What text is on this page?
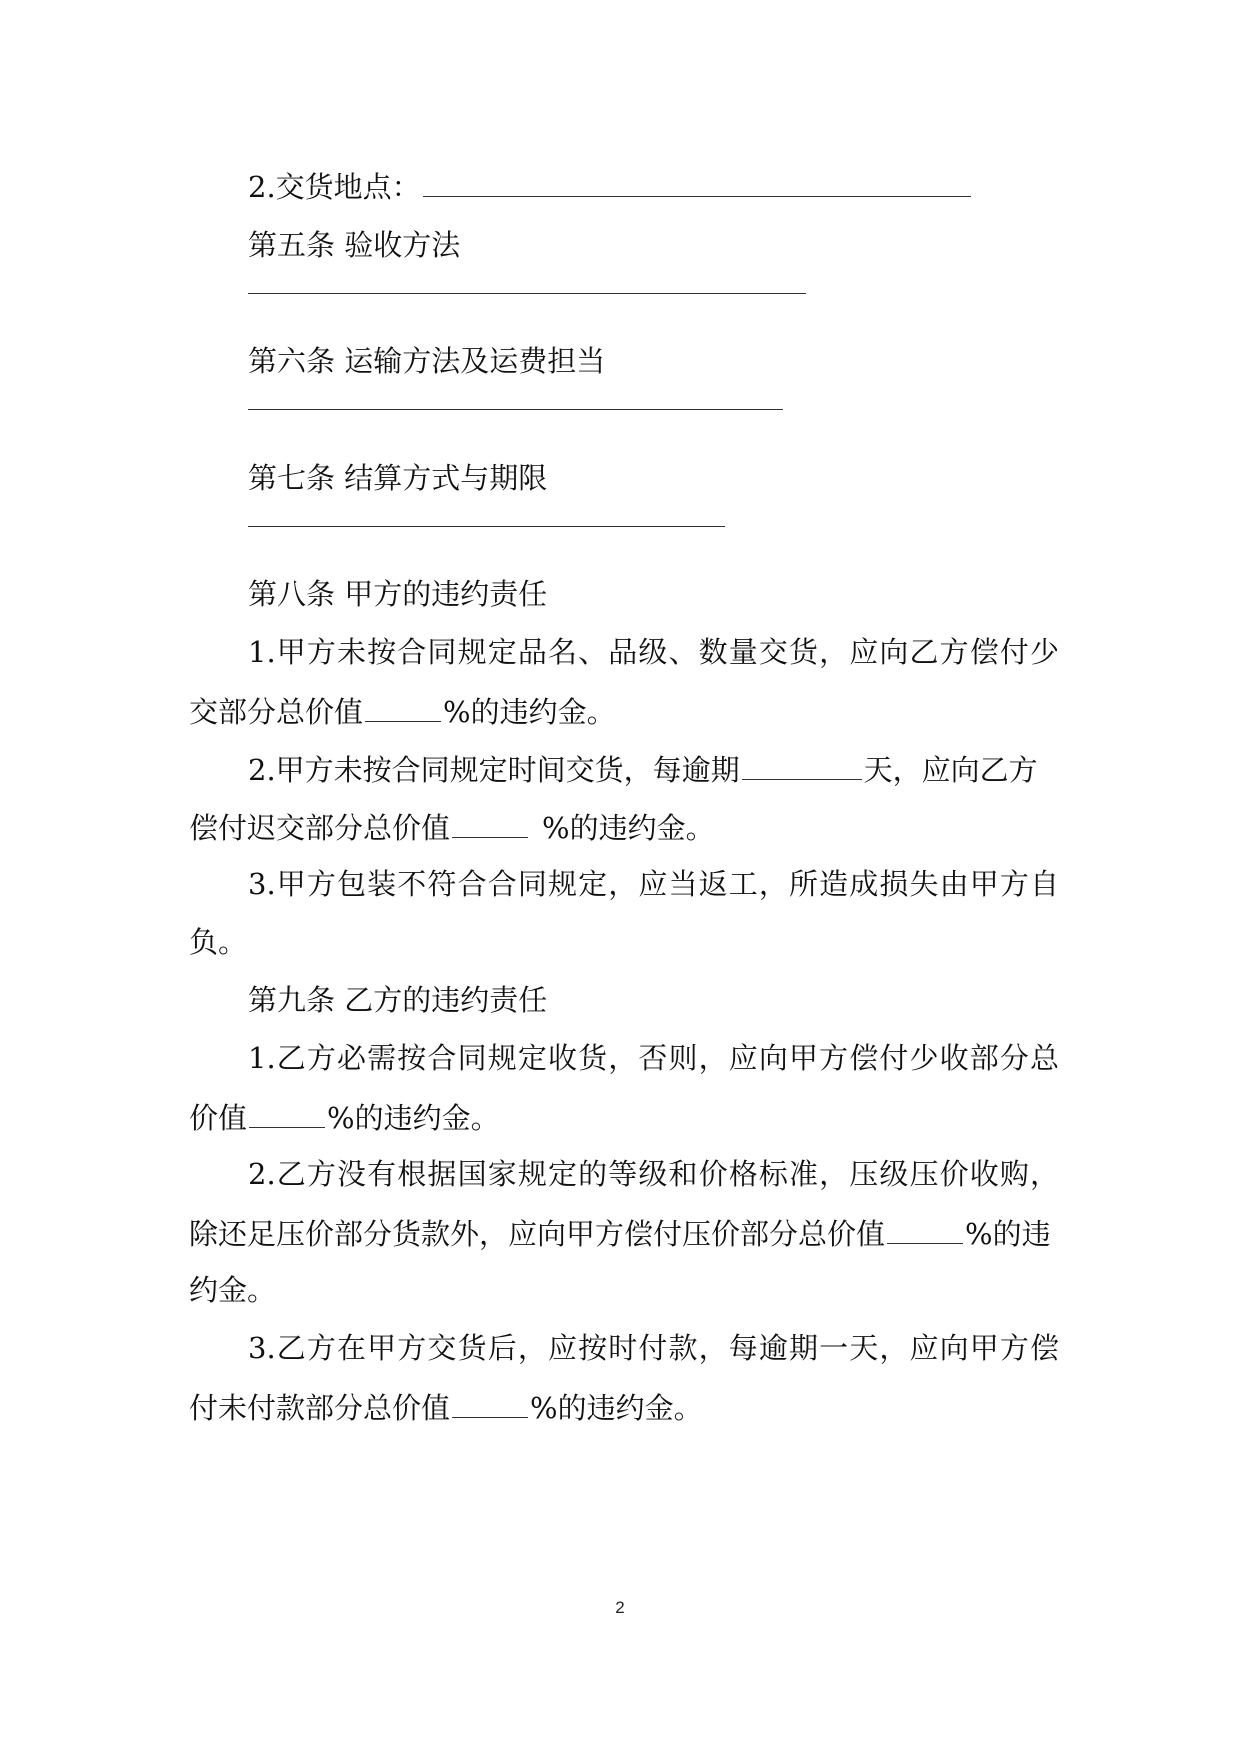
2.交货地点：
第五条 验收方法
第六条 运输方法及运费担当
第七条 结算方式与期限
第八条 甲方的违约责任
1.甲方未按合同规定品名、品级、数量交货，应向乙方偿付少
交部分总价值	%的违约金。
2.甲方未按合同规定时间交货，每逾期	天，应向乙方
偿付迟交部分总价值	%的违约金。
3.甲方包装不符合合同规定，应当返工，所造成损失由甲方自
负。
第九条 乙方的违约责任
1.乙方必需按合同规定收货，否则，应向甲方偿付少收部分总
价值	%的违约金。
2.乙方没有根据国家规定的等级和价格标准，压级压价收购，
除还足压价部分货款外，应向甲方偿付压价部分总价值	%的违
约金。
3.乙方在甲方交货后，应按时付款，每逾期一天，应向甲方偿
付未付款部分总价值	%的违约金。
2
